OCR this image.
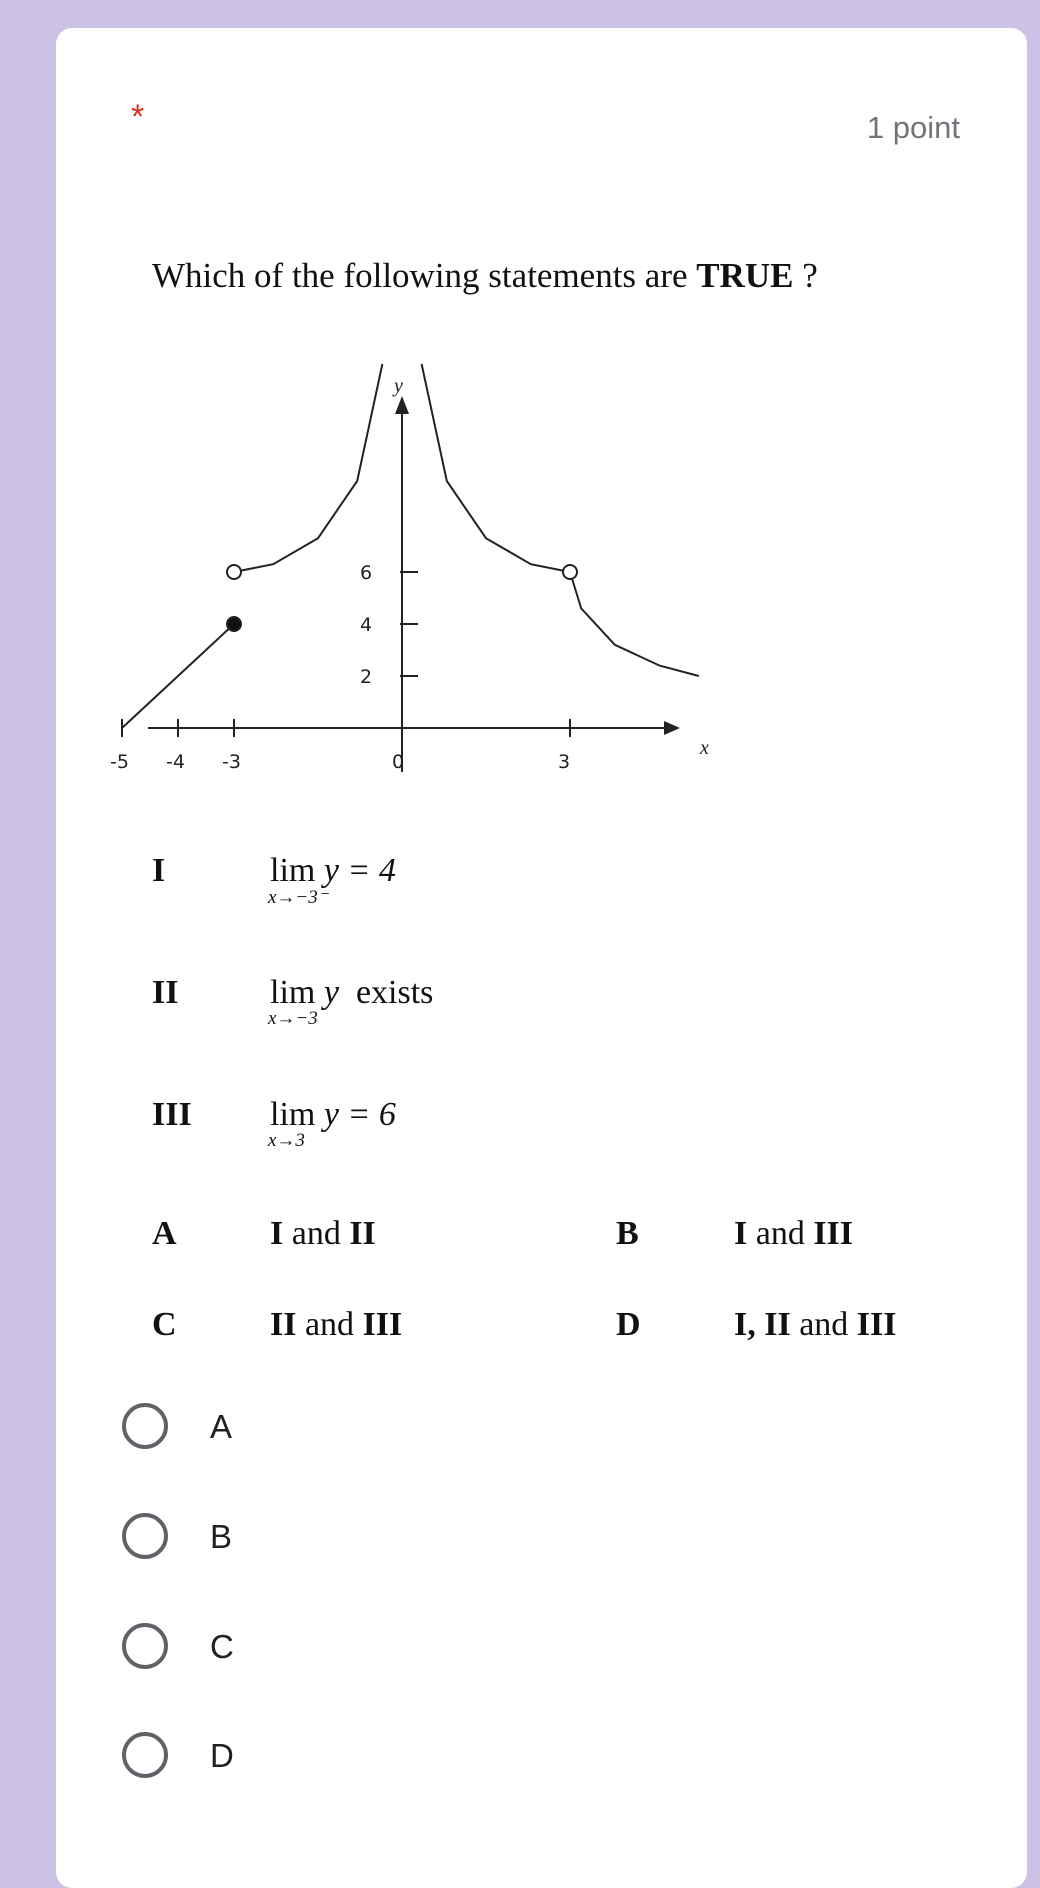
*	1 point
Which of the following statements are TRUE ?
x
y
-5 -4 -3	0	3
2
4
6
I	lim
x→−3⁻
y = 4
II	lim
x→−3
y  exists
III lim
x→3
y = 6
A	I and II	B	I and III
C	II and III	D	I, II and III
A
B
C
D
